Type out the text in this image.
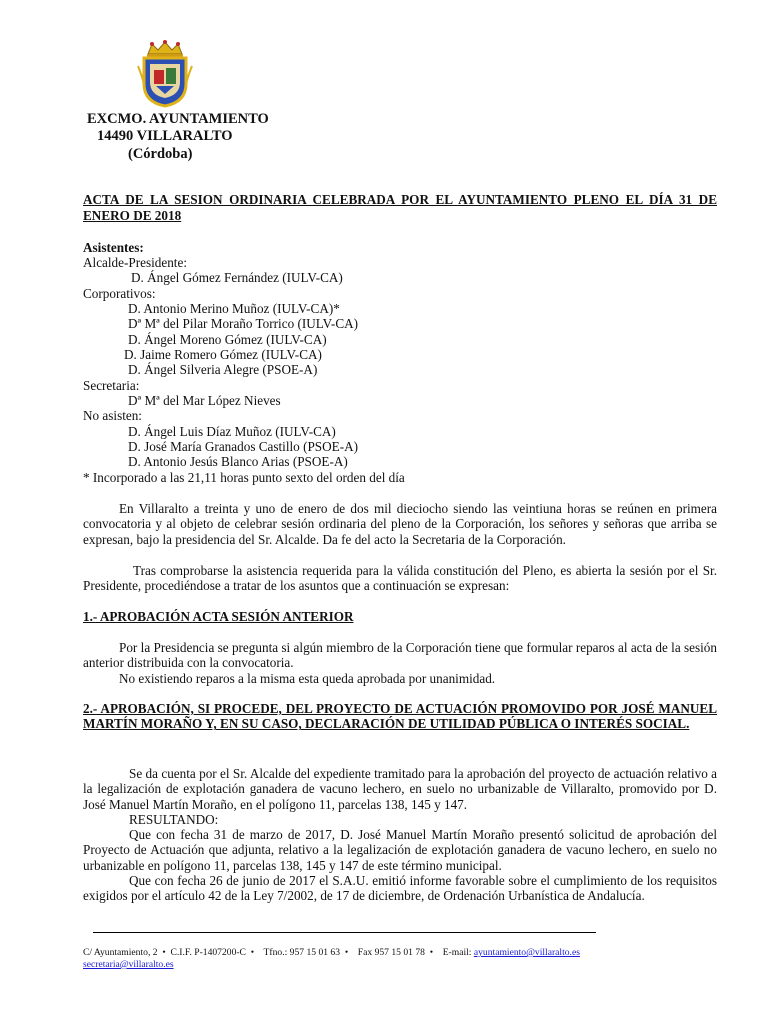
EXCMO. AYUNTAMIENTO
14490 VILLARALTO
(Córdoba)
ACTA DE LA SESION ORDINARIA CELEBRADA POR EL AYUNTAMIENTO PLENO EL DÍA 31 DE ENERO DE 2018
Asistentes:
Alcalde-Presidente:
D. Ángel Gómez Fernández (IULV-CA)
Corporativos:
D. Antonio Merino Muñoz (IULV-CA)*
Dª Mª del Pilar Moraño Torrico (IULV-CA)
D. Ángel Moreno Gómez (IULV-CA)
D. Jaime Romero Gómez (IULV-CA)
D. Ángel Silveria Alegre (PSOE-A)
Secretaria:
Dª Mª del Mar López Nieves
No asisten:
D. Ángel Luis Díaz Muñoz (IULV-CA)
D. José María Granados Castillo (PSOE-A)
D. Antonio Jesús Blanco Arias (PSOE-A)
* Incorporado a las 21,11 horas punto sexto del orden del día
En Villaralto a treinta y uno de enero de dos mil dieciocho siendo las veintiuna horas se reúnen en primera convocatoria y al objeto de celebrar sesión ordinaria del pleno de la Corporación, los señores y señoras que arriba se expresan, bajo la presidencia del Sr. Alcalde. Da fe del acto la Secretaria de la Corporación.
Tras comprobarse la asistencia requerida para la válida constitución del Pleno, es abierta la sesión por el Sr. Presidente, procediéndose a tratar de los asuntos que a continuación se expresan:
1.- APROBACIÓN ACTA SESIÓN ANTERIOR
Por la Presidencia se pregunta si algún miembro de la Corporación tiene que formular reparos al acta de la sesión anterior distribuida con la convocatoria.
No existiendo reparos a la misma esta queda aprobada por unanimidad.
2.- APROBACIÓN, SI PROCEDE, DEL PROYECTO DE ACTUACIÓN PROMOVIDO POR JOSÉ MANUEL MARTÍN MORAÑO Y, EN SU CASO, DECLARACIÓN DE UTILIDAD PÚBLICA O INTERÉS SOCIAL.
Se da cuenta por el Sr. Alcalde del expediente tramitado para la aprobación del proyecto de actuación relativo a la legalización de explotación ganadera de vacuno lechero, en suelo no urbanizable de Villaralto, promovido por D. José Manuel Martín Moraño, en el polígono 11, parcelas 138, 145 y 147.
RESULTANDO:
Que con fecha 31 de marzo de 2017, D. José Manuel Martín Moraño presentó solicitud de aprobación del Proyecto de Actuación que adjunta, relativo a la legalización de explotación ganadera de vacuno lechero, en suelo no urbanizable en polígono 11, parcelas 138, 145 y 147 de este término municipal.
Que con fecha 26 de junio de 2017 el S.A.U. emitió informe favorable sobre el cumplimiento de los requisitos exigidos por el artículo 42 de la Ley 7/2002, de 17 de diciembre, de Ordenación Urbanística de Andalucía.
C/ Ayuntamiento, 2 • C.I.F. P-1407200-C • Tfno.: 957 15 01 63 • Fax 957 15 01 78 • E-mail: ayuntamiento@villaralto.es
secretaria@villaralto.es
